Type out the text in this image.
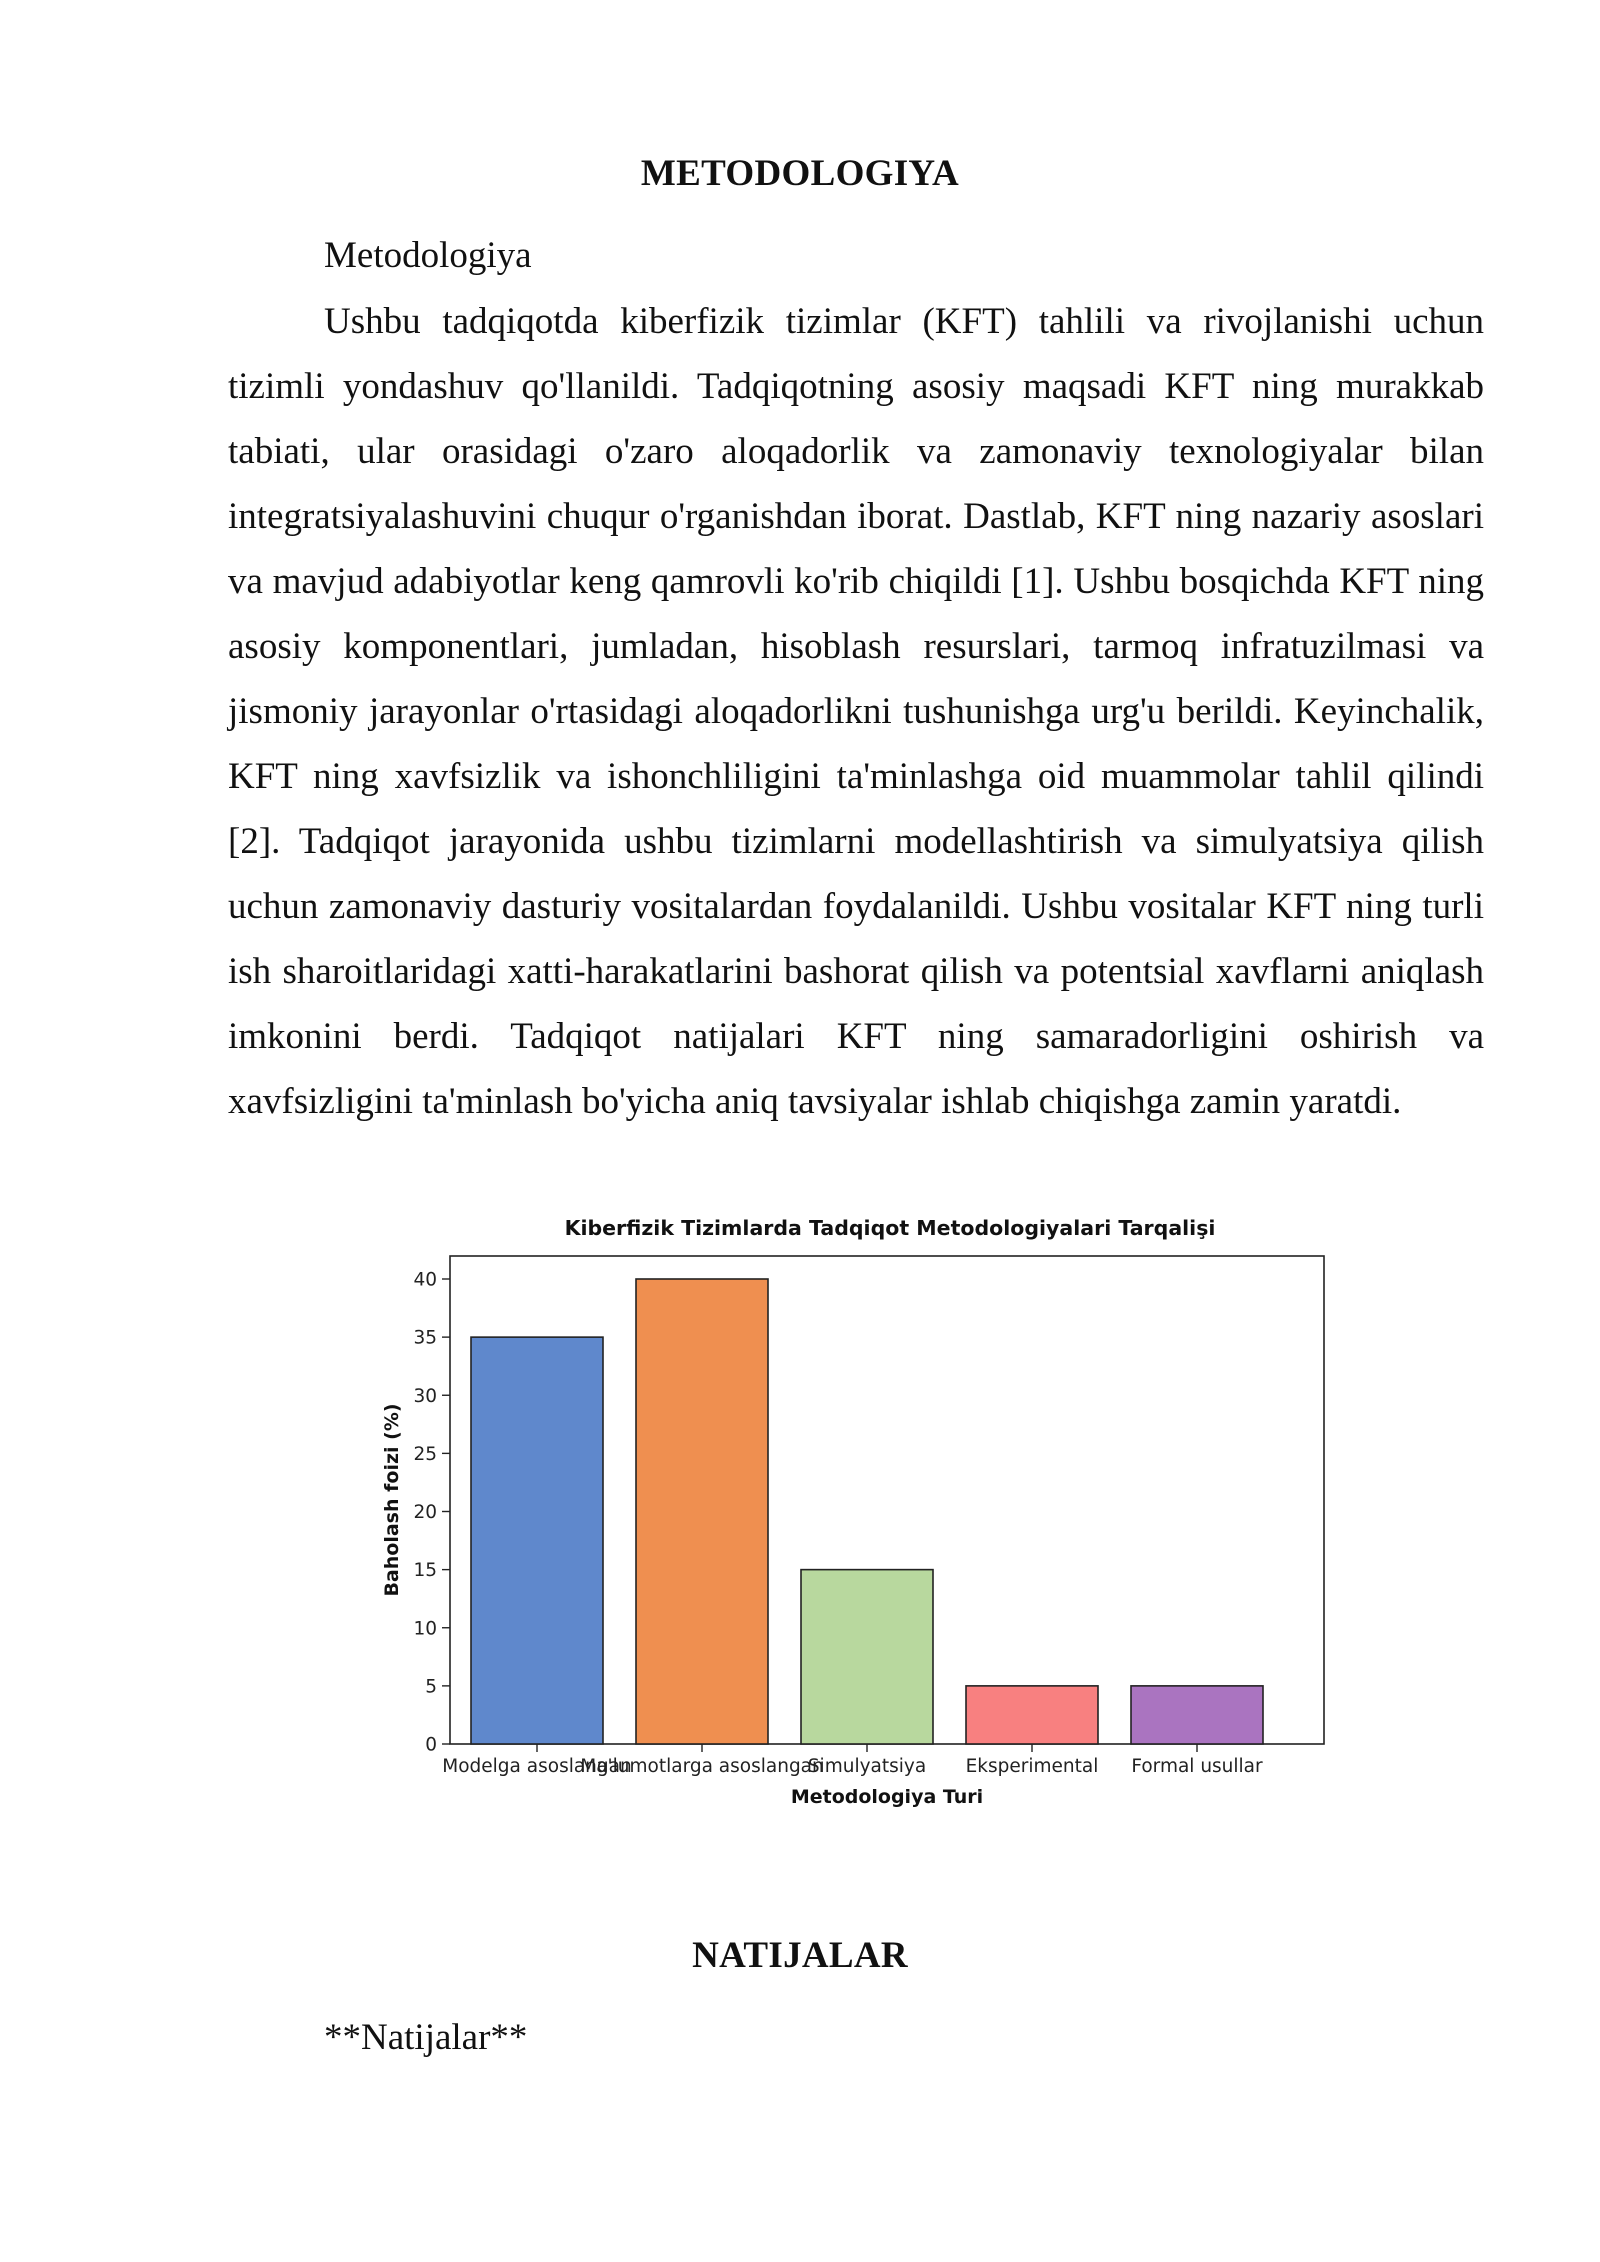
METODOLOGIYA
Metodologiya

Ushbu tadqiqotda kiberfizik tizimlar (KFT) tahlili va rivojlanishi uchun tizimli yondashuv qo'llanildi. Tadqiqotning asosiy maqsadi KFT ning murakkab tabiati, ular orasidagi o'zaro aloqadorlik va zamonaviy texnologiyalar bilan integratsiyalashuvini chuqur o'rganishdan iborat. Dastlab, KFT ning nazariy asoslari va mavjud adabiyotlar keng qamrovli ko'rib chiqildi [1]. Ushbu bosqichda KFT ning asosiy komponentlari, jumladan, hisoblash resurslari, tarmoq infratuzilmasi va jismoniy jarayonlar o'rtasidagi aloqadorlikni tushunishga urg'u berildi. Keyinchalik, KFT ning xavfsizlik va ishonchliligini ta'minlashga oid muammolar tahlil qilindi [2]. Tadqiqot jarayonida ushbu tizimlarni modellashtirish va simulyatsiya qilish uchun zamonaviy dasturiy vositalardan foydalanildi. Ushbu vositalar KFT ning turli ish sharoitlaridagi xatti-harakatlarini bashorat qilish va potentsial xavflarni aniqlash imkonini berdi. Tadqiqot natijalari KFT ning samaradorligini oshirish va xavfsizligini ta'minlash bo'yicha aniq tavsiyalar ishlab chiqishga zamin yaratdi.

Kiberfizik Tizimlarda Tadqiqot Metodologiyalari Tarqalişi
0
5
10
15
20
25
30
35
40
Modelga asoslangan
Ma'lumotlarga asoslangan
Simulyatsiya Eksperimental Formal usullar
Metodologiya Turi
Baholash foizi (%)
NATIJALAR
**Natijalar**
